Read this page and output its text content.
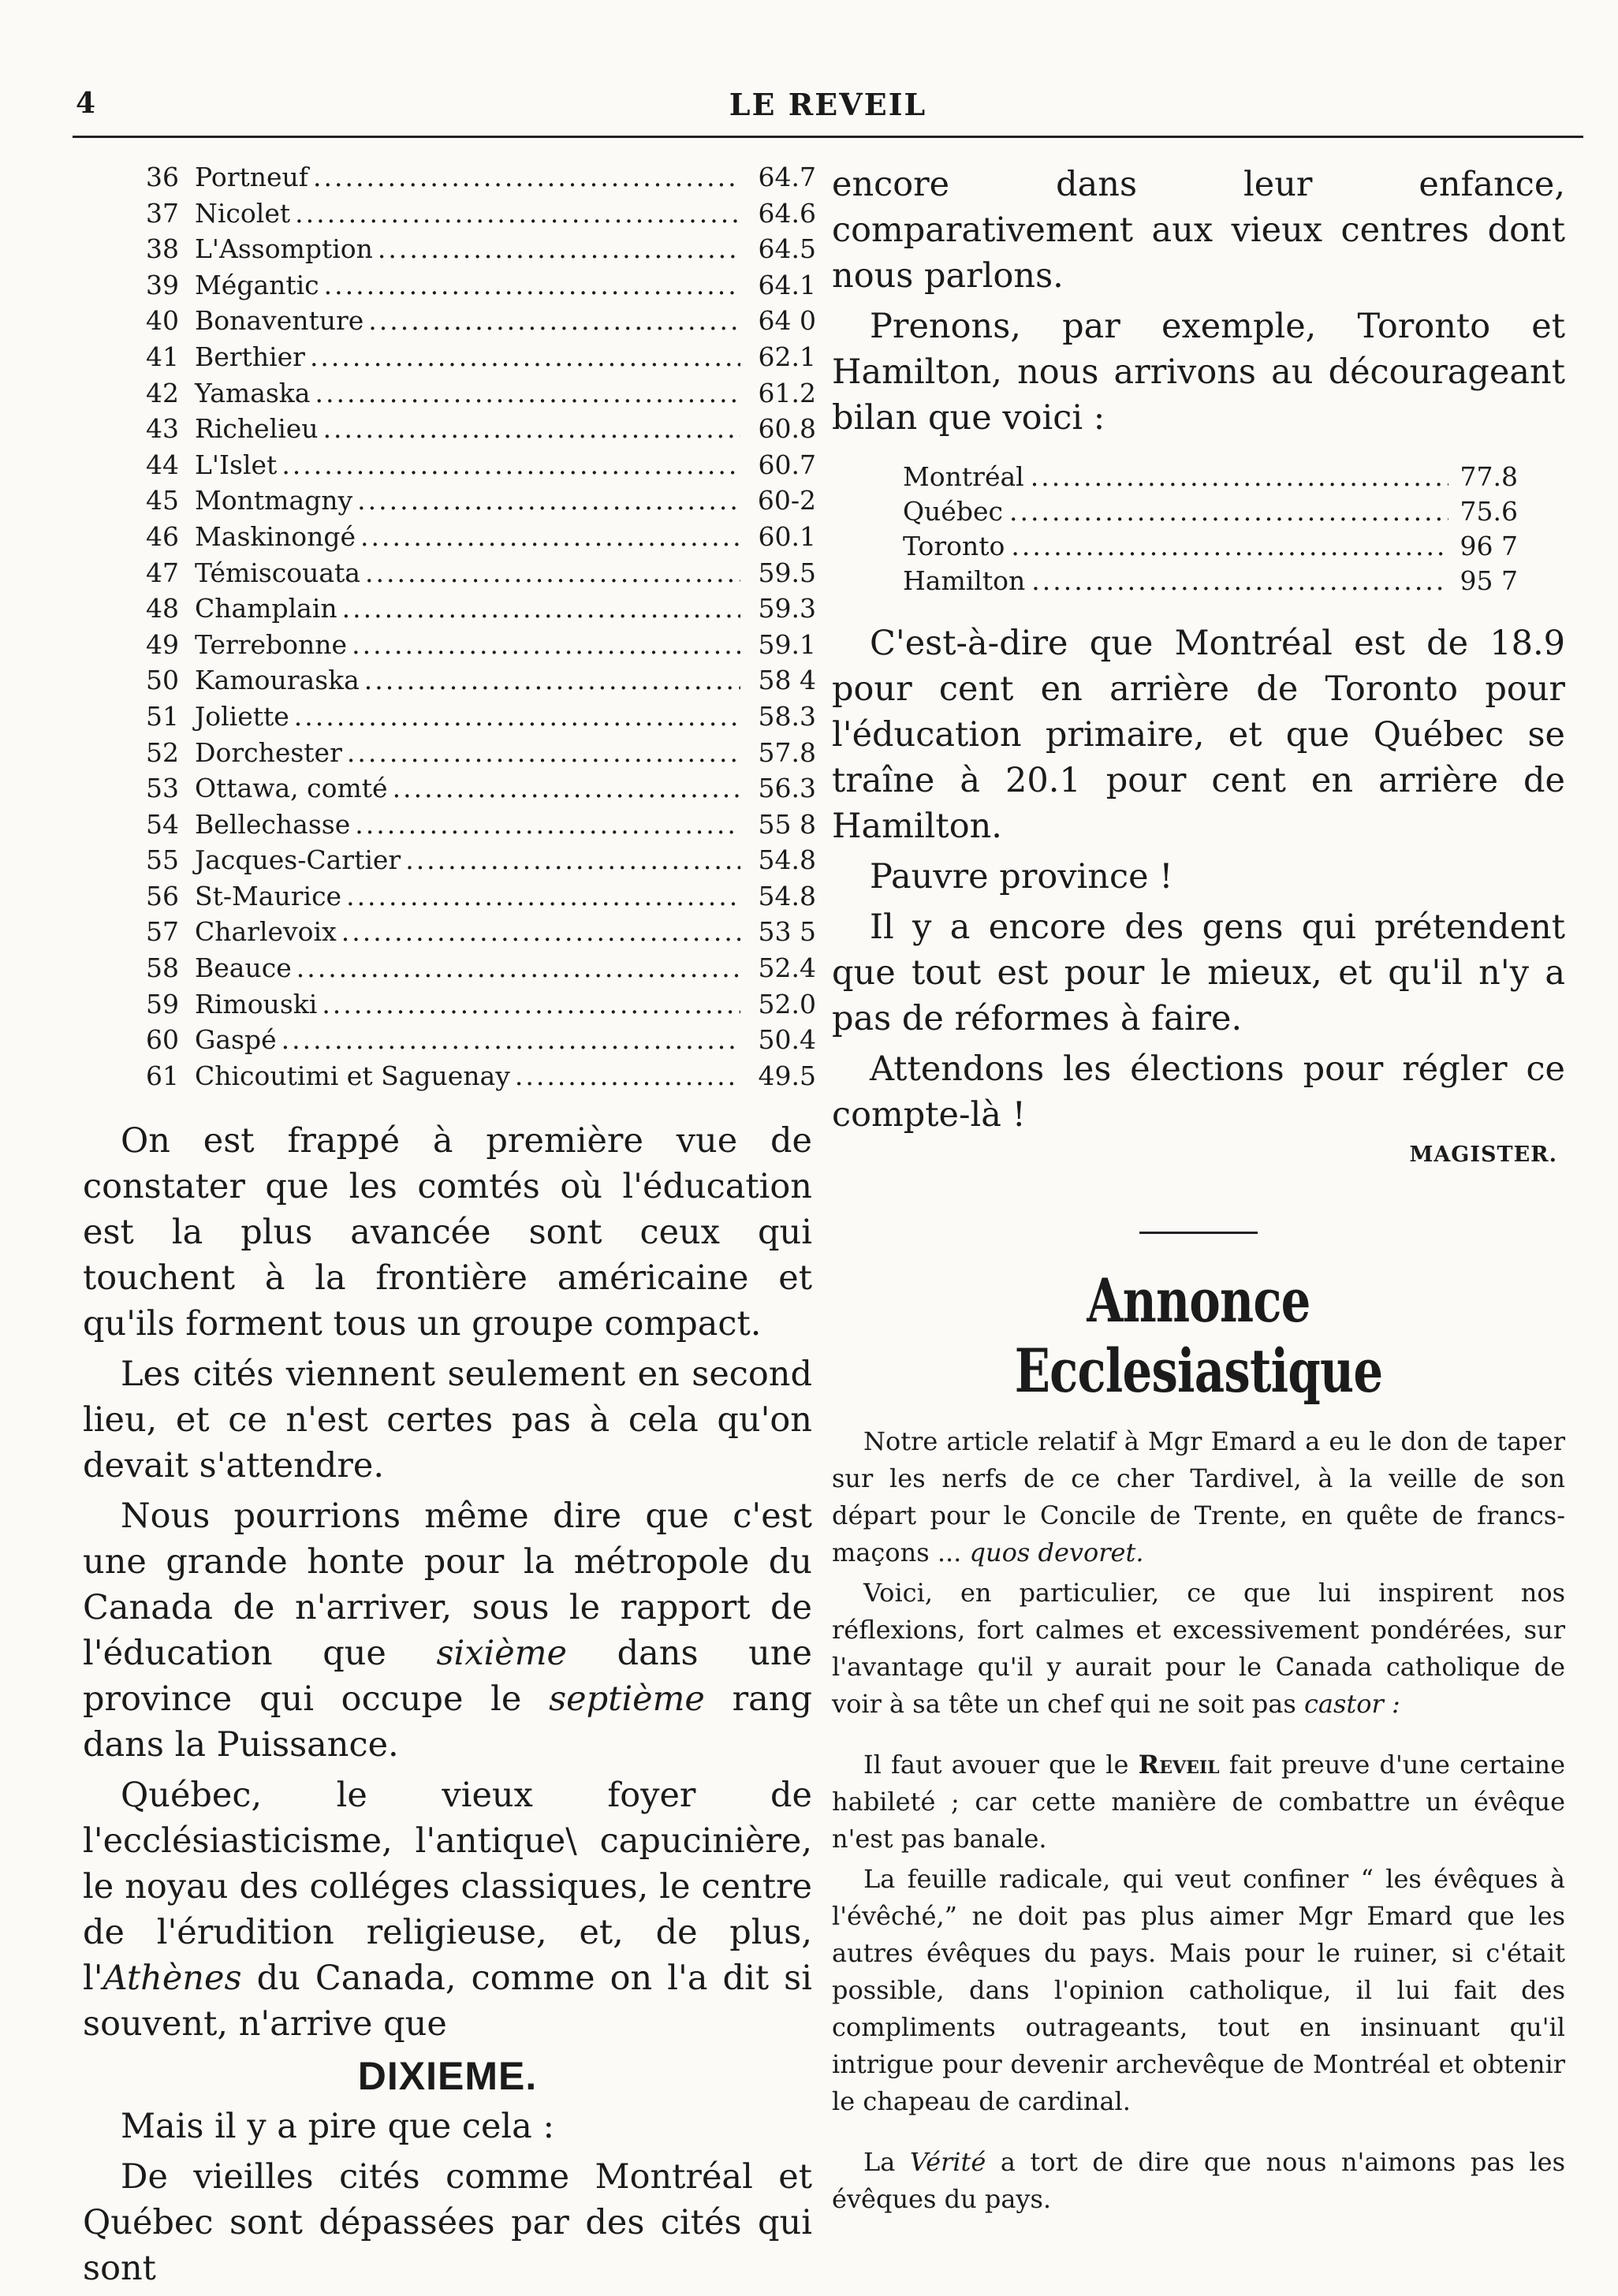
4	LE REVEIL
36 Portneuf .....	64.7
37 Nicolet .....	64.6
38 L'Assomption .....	64.5
39 Mégantic .....	64.1
40 Bonaventure .....	64 0
41 Berthier .....	62.1
42 Yamaska .....	61.2
43 Richelieu .....	60.8
44 L'Islet .....	60.7
45 Montmagny .....	60-2
46 Maskinongé .....	60.1
47 Témiscouata .....	59.5
48 Champlain .....	59.3
49 Terrebonne .....	59.1
50 Kamouraska .....	58 4
51 Joliette .....	58.3
52 Dorchester .....	57.8
53 Ottawa, comté .....	56.3
54 Bellechasse .....	55 8
55 Jacques-Cartier .....	54.8
56 St-Maurice .....	54.8
57 Charlevoix .....	53 5
58 Beauce .....	52.4
59 Rimouski .....	52.0
60 Gaspé .....	50.4
61 Chicoutimi et Saguenay .....	49.5

On est frappé à première vue de constater que les comtés où l'éducation est la plus avancée sont ceux qui touchent à la frontière américaine et qu'ils forment tous un groupe compact.

Les cités viennent seulement en second lieu, et ce n'est certes pas à cela qu'on devait s'attendre.

Nous pourrions même dire que c'est une grande honte pour la métropole du Canada de n'arriver, sous le rapport de l'éducation que sixième dans une province qui occupe le septième rang dans la Puissance.

Québec, le vieux foyer de l'ecclésiasticisme, l'antique\ capucinière, le noyau des colléges classiques, le centre de l'érudition religieuse, et, de plus, l'Athènes du Canada, comme on l'a dit si souvent, n'arrive que

DIXIEME.

Mais il y a pire que cela :

De vieilles cités comme Montréal et Québec sont dépassées par des cités qui sont

encore dans leur enfance, comparativement aux vieux centres dont nous parlons.

Prenons, par exemple, Toronto et Hamilton, nous arrivons au décourageant bilan que voici :

Montréal .....	77.8
Québec .....	75.6
Toronto .....	96 7
Hamilton .....	95 7

C'est-à-dire que Montréal est de 18.9 pour cent en arrière de Toronto pour l'éducation primaire, et que Québec se traîne à 20.1 pour cent en arrière de Hamilton.

Pauvre province !

Il y a encore des gens qui prétendent que tout est pour le mieux, et qu'il n'y a pas de réformes à faire.

Attendons les élections pour régler ce compte-là !

MAGISTER.
Annonce Ecclesiastique

Notre article relatif à Mgr Emard a eu le don de taper sur les nerfs de ce cher Tardivel, à la veille de son départ pour le Concile de Trente, en quête de francs-maçons ... quos devoret.

Voici, en particulier, ce que lui inspirent nos réflexions, fort calmes et excessivement pondérées, sur l'avantage qu'il y aurait pour le Canada catholique de voir à sa tête un chef qui ne soit pas castor :

Il faut avouer que le Reveil fait preuve d'une certaine habileté ; car cette manière de combattre un évêque n'est pas banale.

La feuille radicale, qui veut confiner “ les évêques à l'évêché,” ne doit pas plus aimer Mgr Emard que les autres évêques du pays. Mais pour le ruiner, si c'était possible, dans l'opinion catholique, il lui fait des compliments outrageants, tout en insinuant qu'il intrigue pour devenir archevêque de Montréal et obtenir le chapeau de cardinal.

La Vérité a tort de dire que nous n'aimons pas les évêques du pays.
